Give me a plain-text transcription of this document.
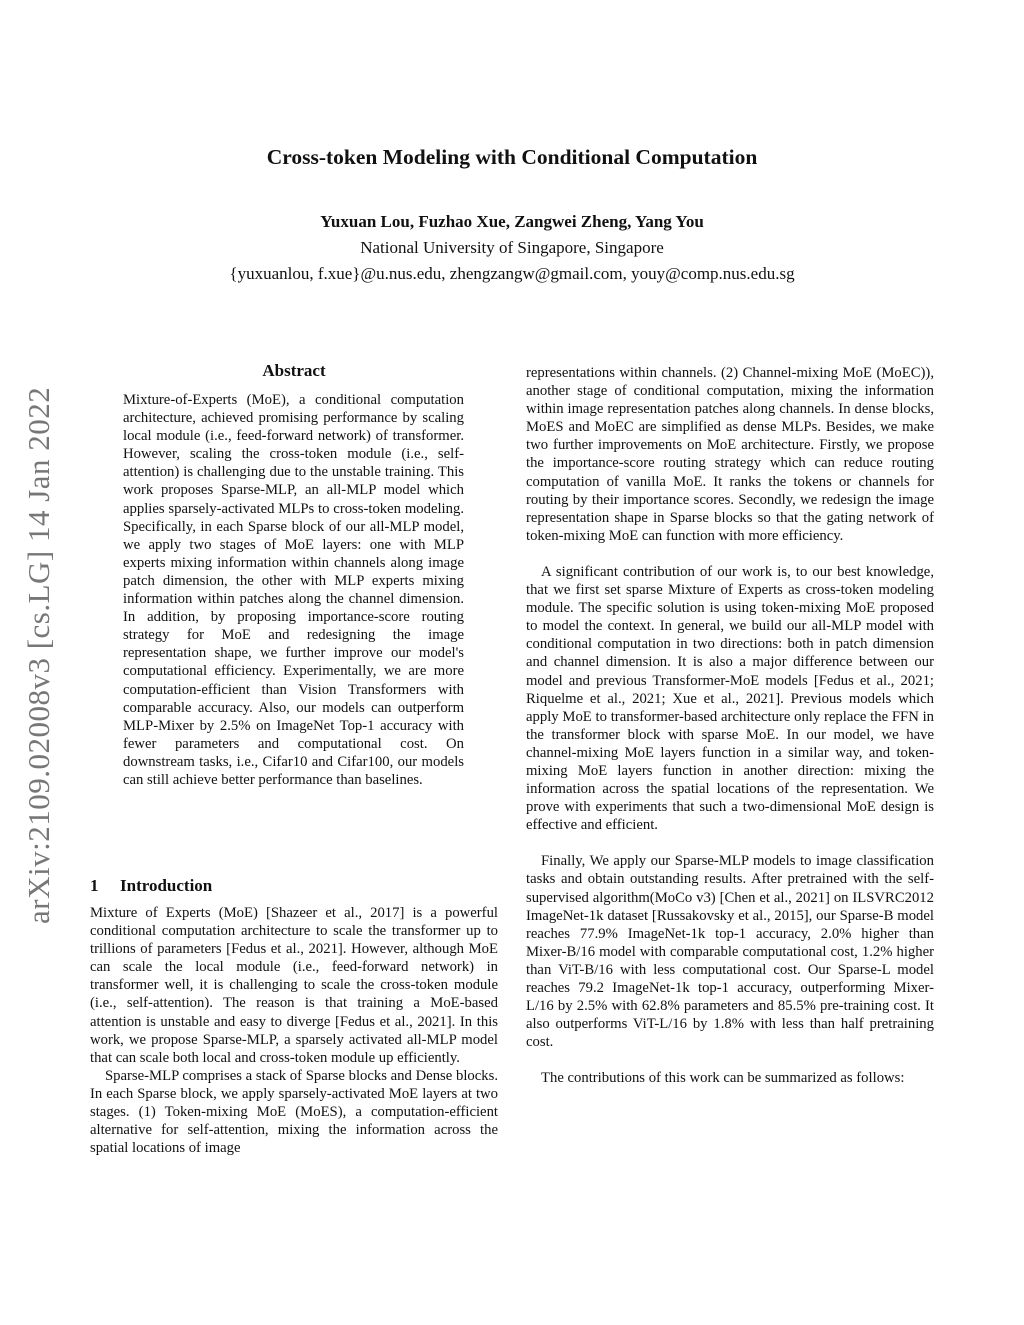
arXiv:2109.02008v3 [cs.LG] 14 Jan 2022
Cross-token Modeling with Conditional Computation
Yuxuan Lou, Fuzhao Xue, Zangwei Zheng, Yang You
National University of Singapore, Singapore
{yuxuanlou, f.xue}@u.nus.edu, zhengzangw@gmail.com, youy@comp.nus.edu.sg
Abstract

Mixture-of-Experts (MoE), a conditional computation architecture, achieved promising performance by scaling local module (i.e., feed-forward network) of transformer. However, scaling the cross-token module (i.e., self-attention) is challenging due to the unstable training. This work proposes Sparse-MLP, an all-MLP model which applies sparsely-activated MLPs to cross-token modeling. Specifically, in each Sparse block of our all-MLP model, we apply two stages of MoE layers: one with MLP experts mixing information within channels along image patch dimension, the other with MLP experts mixing information within patches along the channel dimension. In addition, by proposing importance-score routing strategy for MoE and redesigning the image representation shape, we further improve our model's computational efficiency. Experimentally, we are more computation-efficient than Vision Transformers with comparable accuracy. Also, our models can outperform MLP-Mixer by 2.5% on ImageNet Top-1 accuracy with fewer parameters and computational cost. On downstream tasks, i.e., Cifar10 and Cifar100, our models can still achieve better performance than baselines.

1 Introduction

Mixture of Experts (MoE) [Shazeer et al., 2017] is a powerful conditional computation architecture to scale the transformer up to trillions of parameters [Fedus et al., 2021]. However, although MoE can scale the local module (i.e., feed-forward network) in transformer well, it is challenging to scale the cross-token module (i.e., self-attention). The reason is that training a MoE-based attention is unstable and easy to diverge [Fedus et al., 2021]. In this work, we propose Sparse-MLP, a sparsely activated all-MLP model that can scale both local and cross-token module up efficiently.

Sparse-MLP comprises a stack of Sparse blocks and Dense blocks. In each Sparse block, we apply sparsely-activated MoE layers at two stages. (1) Token-mixing MoE (MoES), a computation-efficient alternative for self-attention, mixing the information across the spatial locations of image

representations within channels. (2) Channel-mixing MoE (MoEC)), another stage of conditional computation, mixing the information within image representation patches along channels. In dense blocks, MoES and MoEC are simplified as dense MLPs. Besides, we make two further improvements on MoE architecture. Firstly, we propose the importance-score routing strategy which can reduce routing computation of vanilla MoE. It ranks the tokens or channels for routing by their importance scores. Secondly, we redesign the image representation shape in Sparse blocks so that the gating network of token-mixing MoE can function with more efficiency.

A significant contribution of our work is, to our best knowledge, that we first set sparse Mixture of Experts as cross-token modeling module. The specific solution is using token-mixing MoE proposed to model the context. In general, we build our all-MLP model with conditional computation in two directions: both in patch dimension and channel dimension. It is also a major difference between our model and previous Transformer-MoE models [Fedus et al., 2021; Riquelme et al., 2021; Xue et al., 2021]. Previous models which apply MoE to transformer-based architecture only replace the FFN in the transformer block with sparse MoE. In our model, we have channel-mixing MoE layers function in a similar way, and token-mixing MoE layers function in another direction: mixing the information across the spatial locations of the representation. We prove with experiments that such a two-dimensional MoE design is effective and efficient.

Finally, We apply our Sparse-MLP models to image classification tasks and obtain outstanding results. After pretrained with the self-supervised algorithm(MoCo v3) [Chen et al., 2021] on ILSVRC2012 ImageNet-1k dataset [Russakovsky et al., 2015], our Sparse-B model reaches 77.9% ImageNet-1k top-1 accuracy, 2.0% higher than Mixer-B/16 model with comparable computational cost, 1.2% higher than ViT-B/16 with less computational cost. Our Sparse-L model reaches 79.2 ImageNet-1k top-1 accuracy, outperforming Mixer-L/16 by 2.5% with 62.8% parameters and 85.5% pre-training cost. It also outperforms ViT-L/16 by 1.8% with less than half pretraining cost.

The contributions of this work can be summarized as follows:
